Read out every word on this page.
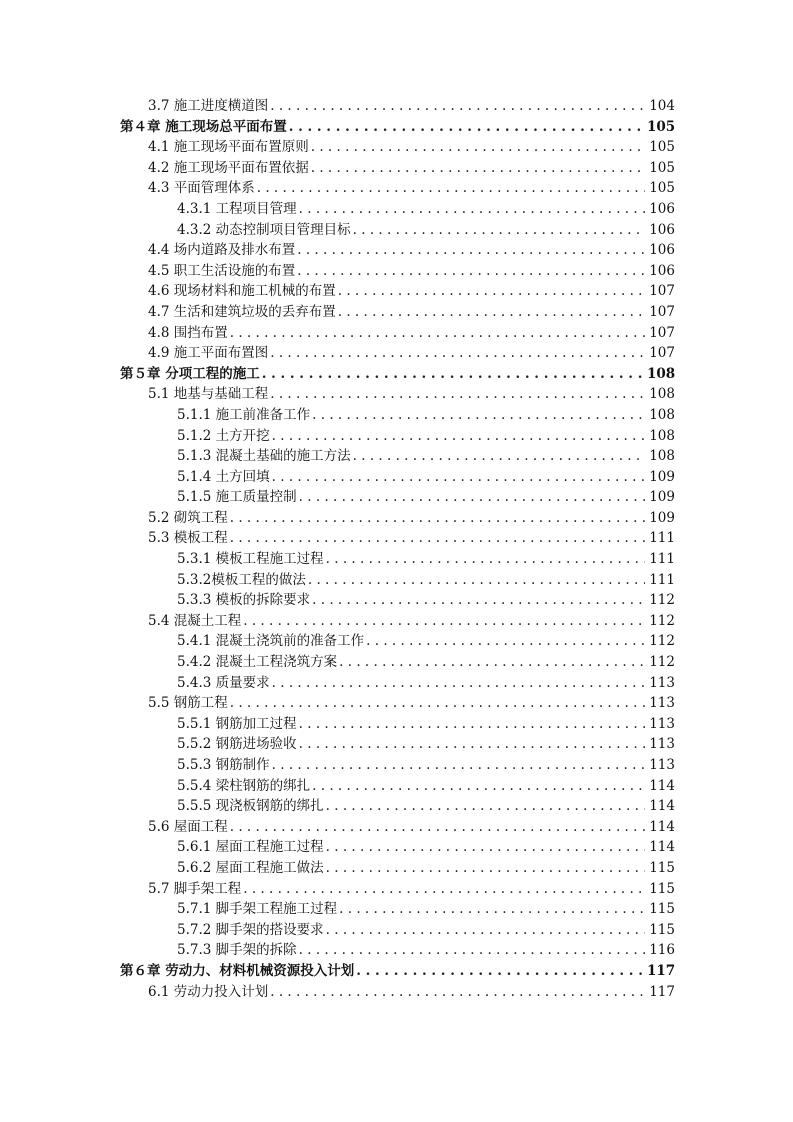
3.7 施工进度横道图 . . .	104
第４章 施工现场总平面布置 . . .	105
4.1 施工现场平面布置原则 . . .	105
4.2 施工现场平面布置依据 . . .	105
4.3 平面管理体系 . . .	105
4.3.1 工程项目管理 . . .	106
4.3.2 动态控制项目管理目标 . . .	106
4.4 场内道路及排水布置 . . .	106
4.5 职工生活设施的布置 . . .	106
4.6 现场材料和施工机械的布置 . . .	107
4.7 生活和建筑垃圾的丢弃布置 . . .	107
4.8 围挡布置 . . .	107
4.9 施工平面布置图 . . .	107
第５章 分项工程的施工 . . .	108
5.1 地基与基础工程 . . .	108
5.1.1 施工前准备工作 . . .	108
5.1.2 土方开挖 . . .	108
5.1.3 混凝土基础的施工方法 . . .	108
5.1.4 土方回填 . . .	109
5.1.5 施工质量控制 . . .	109
5.2 砌筑工程 . . .	109
5.3 模板工程 . . .	111
5.3.1 模板工程施工过程 . . .	111
5.3.2模板工程的做法 . . .	111
5.3.3 模板的拆除要求 . . .	112
5.4 混凝土工程 . . .	112
5.4.1 混凝土浇筑前的准备工作 . . .	112
5.4.2 混凝土工程浇筑方案 . . .	112
5.4.3 质量要求 . . .	113
5.5 钢筋工程 . . .	113
5.5.1 钢筋加工过程 . . .	113
5.5.2 钢筋进场验收 . . .	113
5.5.3 钢筋制作 . . .	113
5.5.4 梁柱钢筋的绑扎 . . .	114
5.5.5 现浇板钢筋的绑扎 . . .	114
5.6 屋面工程 . . .	114
5.6.1 屋面工程施工过程 . . .	114
5.6.2 屋面工程施工做法 . . .	115
5.7 脚手架工程 . . .	115
5.7.1 脚手架工程施工过程 . . .	115
5.7.2 脚手架的搭设要求 . . .	115
5.7.3 脚手架的拆除 . . .	116
第６章 劳动力、材料机械资源投入计划 . . .	117
6.1 劳动力投入计划 . . .	117
